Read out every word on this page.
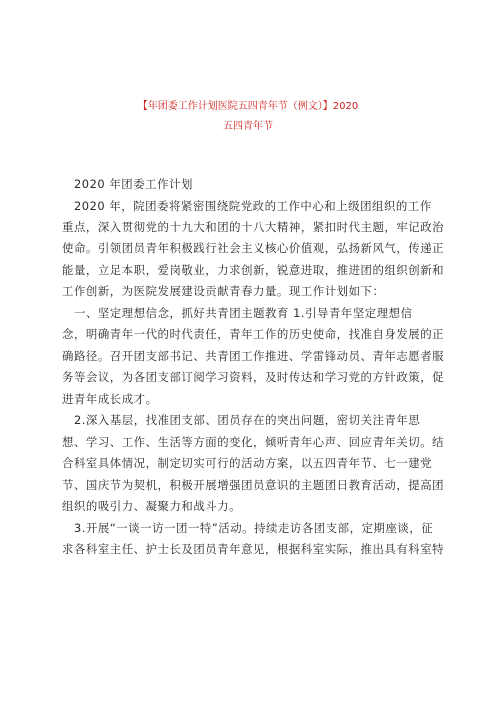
【年团委工作计划医院五四青年节（例文）】2020
五四青年节
2020 年团委工作计划
2020 年，院团委将紧密围绕院党政的工作中心和上级团组织的工作
重点，深入贯彻党的十九大和团的十八大精神，紧扣时代主题，牢记政治
使命。引领团员青年积极践行社会主义核心价值观，弘扬新风气，传递正
能量，立足本职，爱岗敬业，力求创新，锐意进取，推进团的组织创新和
工作创新，为医院发展建设贡献青春力量。现工作计划如下：
一、坚定理想信念，抓好共青团主题教育 1.引导青年坚定理想信
念，明确青年一代的时代责任，青年工作的历史使命，找准自身发展的正
确路径。召开团支部书记、共青团工作推进、学雷锋动员、青年志愿者服
务等会议，为各团支部订阅学习资料，及时传达和学习党的方针政策，促
进青年成长成才。
2.深入基层，找准团支部、团员存在的突出问题，密切关注青年思
想、学习、工作、生活等方面的变化，倾听青年心声、回应青年关切。结
合科室具体情况，制定切实可行的活动方案，以五四青年节、七一建党
节、国庆节为契机，积极开展增强团员意识的主题团日教育活动，提高团
组织的吸引力、凝聚力和战斗力。
3.开展“一谈一访一团一特”活动。持续走访各团支部，定期座谈，征
求各科室主任、护士长及团员青年意见，根据科室实际，推出具有科室特
